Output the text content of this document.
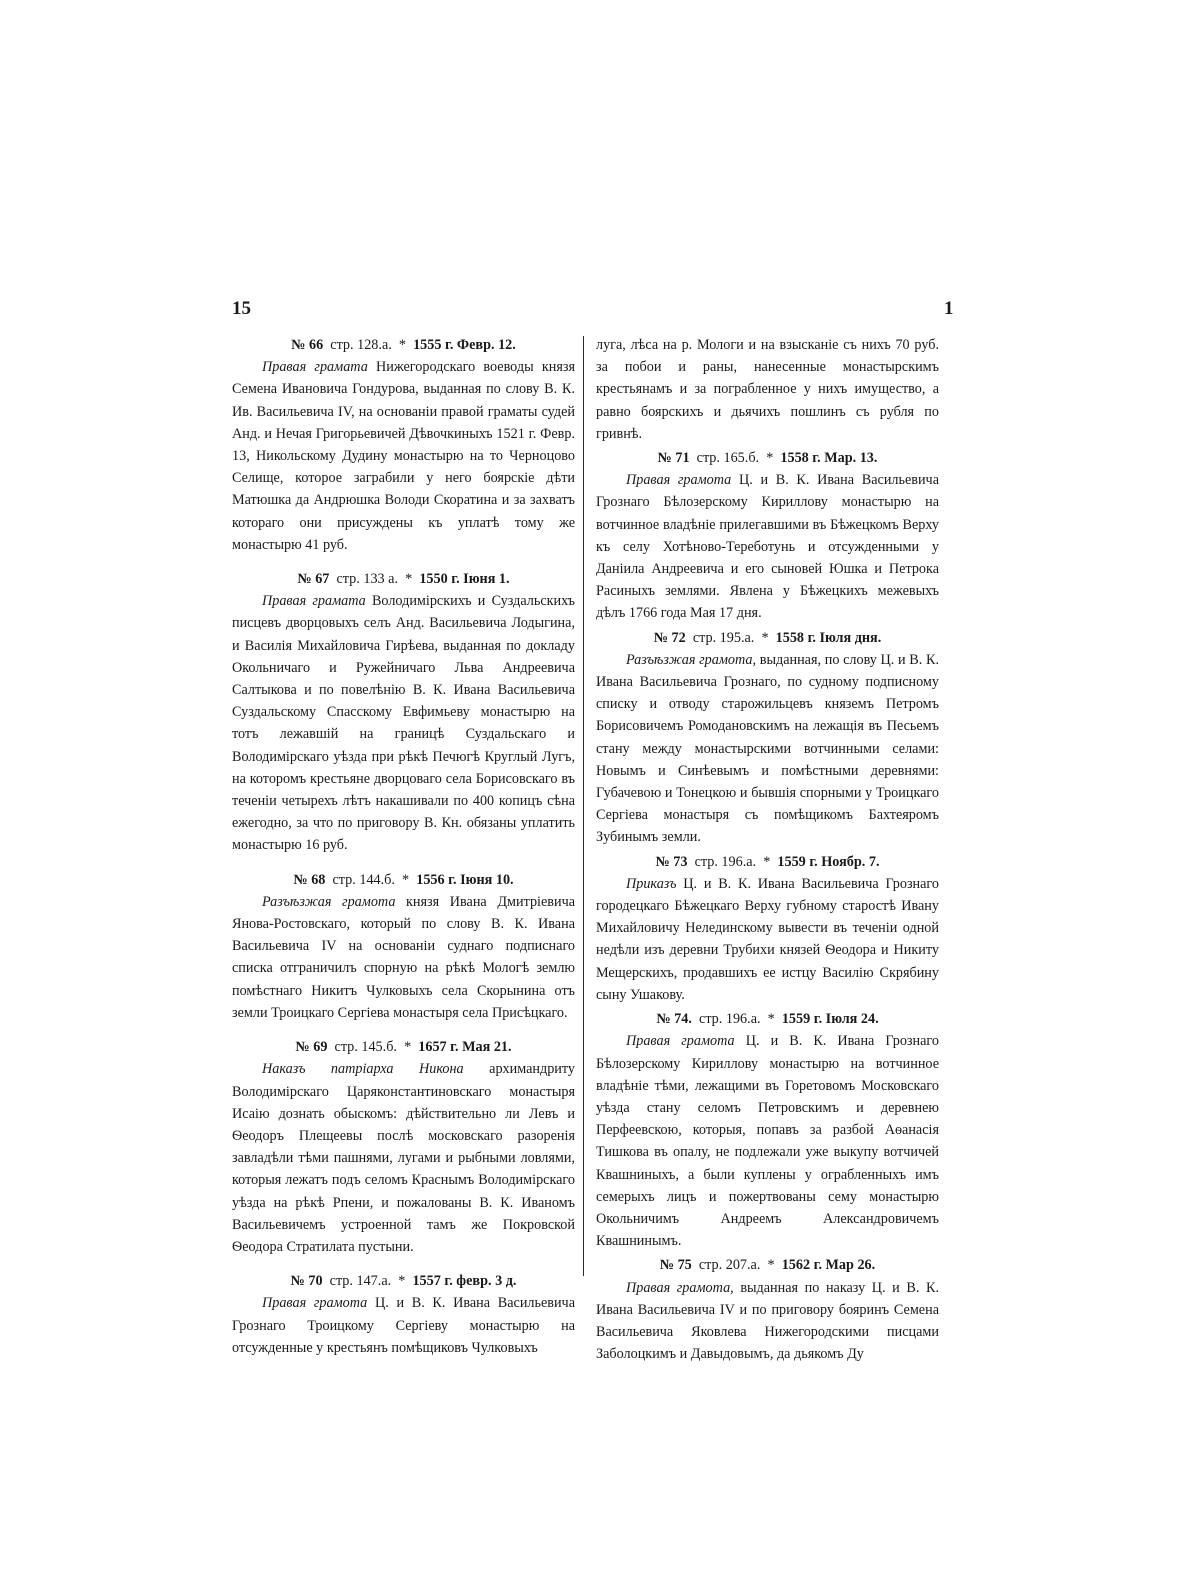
15	1

№ 66 стр. 128.а. * 1555 г. Февр. 12.

Правая грамата Нижегородскаго воеводы князя Семена Ивановича Гондурова, выданная по слову В. К. Ив. Васильевича IV, на основанiи правой граматы судей Анд. и Нечая Григорьевичей Дѣвочкиныхъ 1521 г. Февр. 13, Никольскому Дудину монастырю на то Черноцово Селище, которое заграбили у него боярскiе дѣти Матюшка да Андрюшка Володи Скоратина и за захватъ котораго они присуждены къ уплатѣ тому же монастырю 41 руб.

№ 67 стр. 133 а. * 1550 г. Iюня 1.

Правая грамата Володимiрскихъ и Суздальскихъ писцевъ дворцовыхъ селъ Анд. Васильевича Лодыгина, и Василiя Михайловича Гирѣева, выданная по докладу Окольничаго и Ружейничаго Льва Андреевича Салтыкова и по повелѣнiю В. К. Ивана Васильевича Суздальскому Спасскому Евфимьеву монастырю на тотъ лежавшiй на границѣ Суздальскаго и Володимiрскаго уѣзда при рѣкѣ Печюгѣ Круглый Лугъ, на которомъ крестьяне дворцоваго села Борисовскаго въ теченiи четырехъ лѣтъ накашивали по 400 копицъ сѣна ежегодно, за что по приговору В. Кн. обязаны уплатить монастырю 16 руб.

№ 68 стр. 144.б. * 1556 г. Iюня 10.

Разъѣзжая грамота князя Ивана Дмитрiевича Янова-Ростовскаго, который по слову В. К. Ивана Васильевича IV на основанiи суднаго подписнаго списка отграничилъ спорную на рѣкѣ Мологѣ землю помѣстнаго Никитъ Чулковыхъ села Скорынина отъ земли Троицкаго Сергiева монастыря села Присѣцкаго.

№ 69 стр. 145.б. * 1657 г. Мая 21.

Наказъ патрiарха Никона архимандриту Володимiрскаго Царяконстантиновскаго монастыря Исаiю дознать обыскомъ: дѣйствительно ли Левъ и Ѳеодоръ Плещеевы послѣ московскаго разоренiя завладѣли тѣми пашнями, лугами и рыбными ловлями, которыя лежатъ подъ селомъ Краснымъ Володимiрскаго уѣзда на рѣкѣ Рпени, и пожалованы В. К. Иваномъ Васильевичемъ устроенной тамъ же Покровской Ѳеодора Стратилата пустыни.

№ 70 стр. 147.а. * 1557 г. февр. 3 д.

Правая грамота Ц. и В. К. Ивана Васильевича Грознаго Троицкому Сергiеву монастырю на отсужденные у крестьянъ помѣщиковъ Чулковыхъ

луга, лѣса на р. Мологи и на взысканiе съ нихъ 70 руб. за побои и раны, нанесенные монастырскимъ крестьянамъ и за пограбленное у нихъ имущество, а равно боярскихъ и дьячихъ пошлинъ съ рубля по гривнѣ.

№ 71 стр. 165.б. * 1558 г. Мар. 13.

Правая грамота Ц. и В. К. Ивана Васильевича Грознаго Бѣлозерскому Кириллову монастырю на вотчинное владѣнiе прилегавшими въ Бѣжецкомъ Верху къ селу Хотѣново-Тереботунь и отсужденными у Данiила Андреевича и его сыновей Юшка и Петрока Расиныхъ землями. Явлена у Бѣжецкихъ межевыхъ дѣлъ 1766 года Мая 17 дня.

№ 72 стр. 195.а. * 1558 г. Iюля дня.

Разъѣзжая грамота, выданная, по слову Ц. и В. К. Ивана Васильевича Грознаго, по судному подписному списку и отводу старожильцевъ княземъ Петромъ Борисовичемъ Ромодановскимъ на лежащiя въ Песьемъ стану между монастырскими вотчинными селами: Новымъ и Синѣевымъ и помѣстными деревнями: Губачевою и Тонецкою и бывшiя спорными у Троицкаго Сергiева монастыря съ помѣщикомъ Бахтеяромъ Зубинымъ земли.

№ 73 стр. 196.а. * 1559 г. Ноябр. 7.

Приказъ Ц. и В. К. Ивана Васильевича Грознаго городецкаго Бѣжецкаго Верху губному старостѣ Ивану Михайловичу Нелединскому вывести въ теченiи одной недѣли изъ деревни Трубихи князей Ѳеодора и Никиту Мещерскихъ, продавшихъ ее истцу Василiю Скрябину сыну Ушакову.

№ 74. стр. 196.а. * 1559 г. Iюля 24.

Правая грамота Ц. и В. К. Ивана Грознаго Бѣлозерскому Кириллову монастырю на вотчинное владѣнiе тѣми, лежащими въ Горетовомъ Московскаго уѣзда стану селомъ Петровскимъ и деревнею Перфеевскою, которыя, попавъ за разбой Аѳанасiя Тишкова въ опалу, не подлежали уже выкупу вотчичей Квашниныхъ, а были куплены у ограбленныхъ имъ семерыхъ лицъ и пожертвованы сему монастырю Окольничимъ Андреемъ Александровичемъ Квашнинымъ.

№ 75 стр. 207.а. * 1562 г. Мар 26.

Правая грамота, выданная по наказу Ц. и В. К. Ивана Васильевича IV и по приговору бояринъ Семена Васильевича Яковлева Нижегородскими писцами Заболоцкимъ и Давыдовымъ, да дьякомъ Ду
